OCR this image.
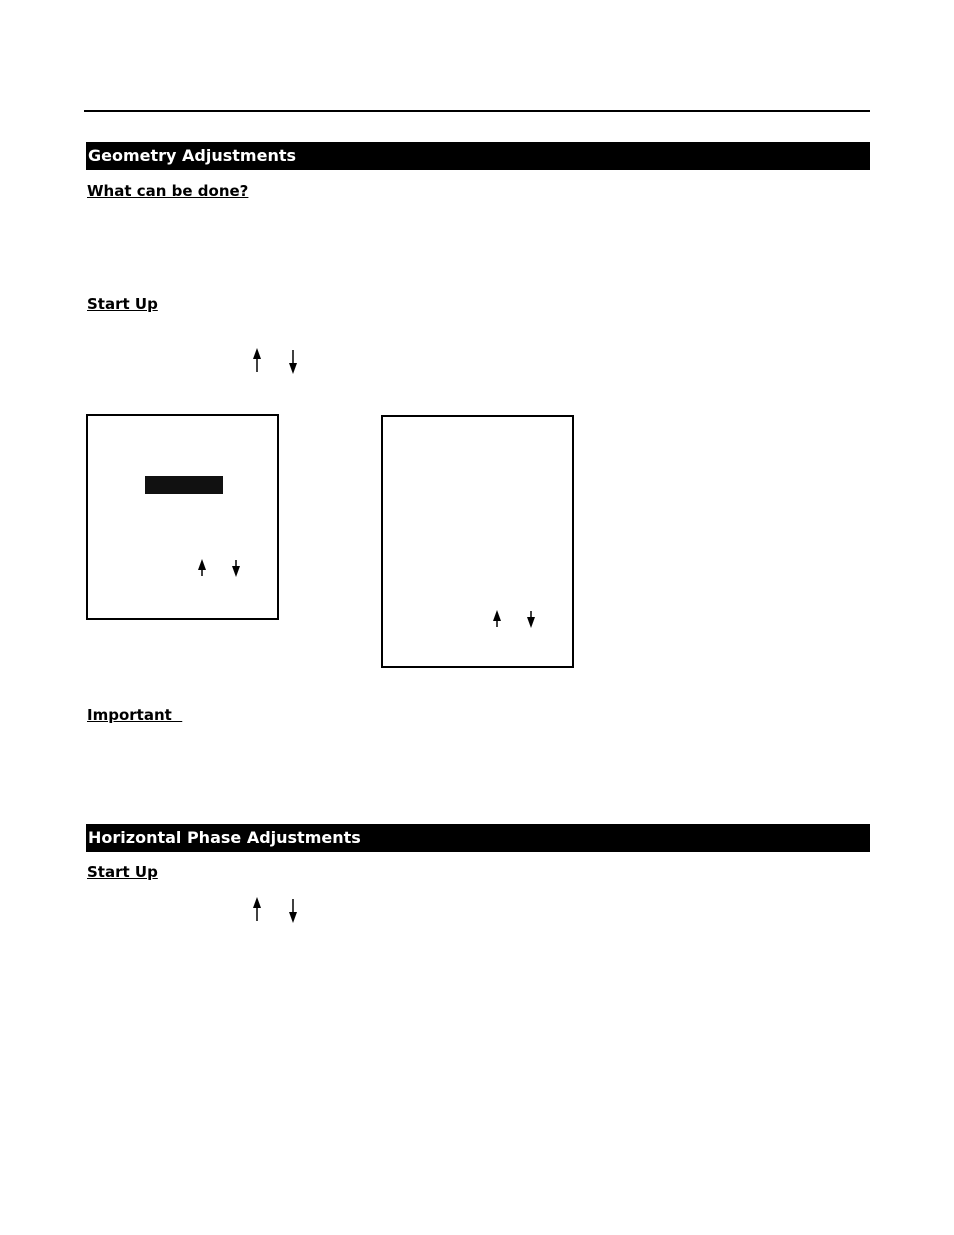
Geometry Adjustments
What can be done?
Start Up
Important
Horizontal Phase Adjustments
Start Up
